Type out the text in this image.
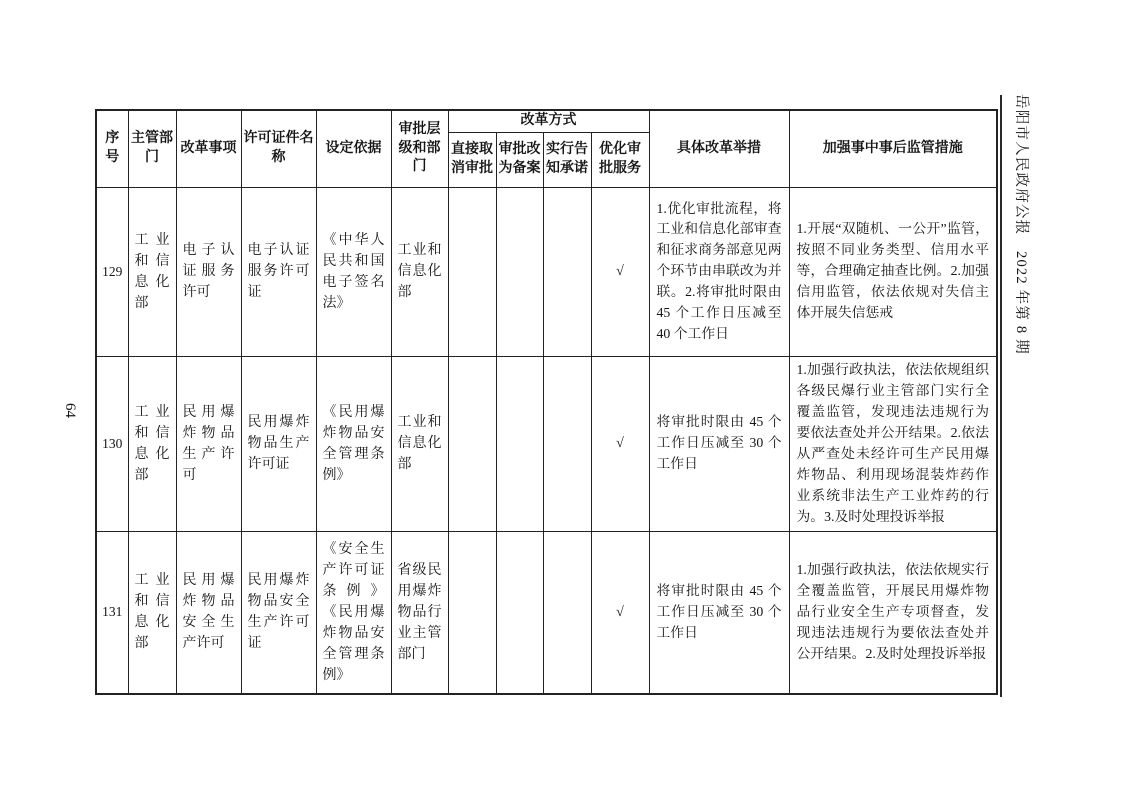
64
岳阳市人民政府公报　2022 年第 8 期
序号	主管部门	改革事项	许可证件名称	设定依据	审批层级和部门	改革方式				具体改革举措	加强事中事后监管措施
						直接取消审批	审批改为备案	实行告知承诺	优化审批服务		
129	工业和信息化部	电子认证服务许可	电子认证服务许可证	《中华人民共和国电子签名法》	工业和信息化部				√	1.优化审批流程，将工业和信息化部审查和征求商务部意见两个环节由串联改为并联。2.将审批时限由45 个工作日压减至 40 个工作日	1.开展“双随机、一公开”监管，按照不同业务类型、信用水平等，合理确定抽查比例。2.加强信用监管，依法依规对失信主体开展失信惩戒
130	工业和信息化部	民用爆炸物品生产许可	民用爆炸物品生产许可证	《民用爆炸物品安全管理条例》	工业和信息化部				√	将审批时限由 45 个工作日压减至 30 个工作日	1.加强行政执法，依法依规组织各级民爆行业主管部门实行全覆盖监管，发现违法违规行为要依法查处并公开结果。2.依法从严查处未经许可生产民用爆炸物品、利用现场混装炸药作业系统非法生产工业炸药的行为。3.及时处理投诉举报
131	工业和信息化部	民用爆炸物品安全生产许可	民用爆炸物品安全生产许可证	《安全生产许可证条例》《民用爆炸物品安全管理条例》	省级民用爆炸物品行业主管部门				√	将审批时限由 45 个工作日压减至 30 个工作日	1.加强行政执法，依法依规实行全覆盖监管，开展民用爆炸物品行业安全生产专项督查，发现违法违规行为要依法查处并公开结果。2.及时处理投诉举报
